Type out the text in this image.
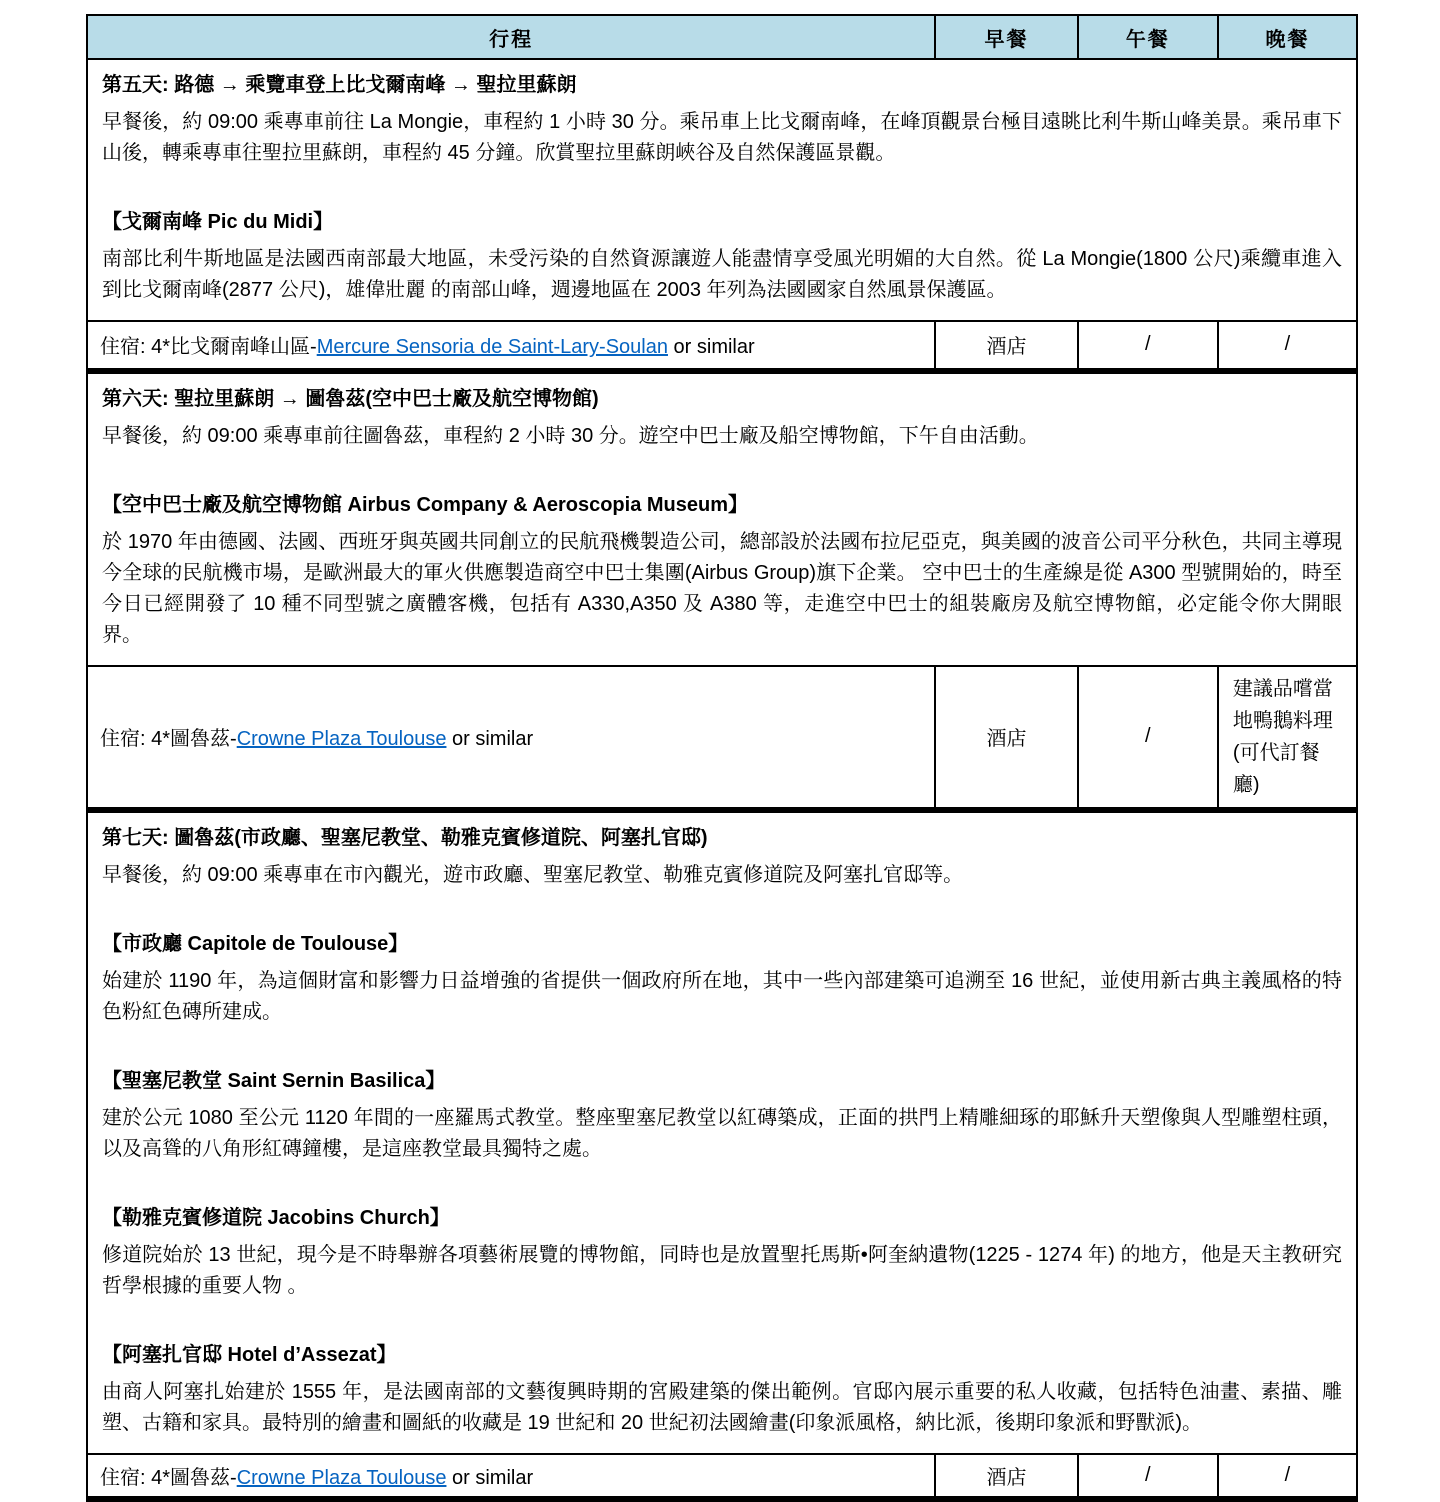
行程	早餐	午餐	晚餐

第五天: 路德 → 乘覽車登上比戈爾南峰 → 聖拉里蘇朗

早餐後，約 09:00 乘專車前往 La Mongie，車程約 1 小時 30 分。乘吊車上比戈爾南峰，在峰頂觀景台極目遠眺比利牛斯山峰美景。乘吊車下山後，轉乘專車往聖拉里蘇朗，車程約 45 分鐘。欣賞聖拉里蘇朗峽谷及自然保護區景觀。

【戈爾南峰 Pic du Midi】

南部比利牛斯地區是法國西南部最大地區，未受污染的自然資源讓遊人能盡情享受風光明媚的大自然。從 La Mongie(1800 公尺)乘纜車進入到比戈爾南峰(2877 公尺)，雄偉壯麗 的南部山峰，週邊地區在 2003 年列為法國國家自然風景保護區。			

住宿: 4*比戈爾南峰山區-Mercure Sensoria de Saint-Lary-Soulan or similar	酒店	/	/

第六天: 聖拉里蘇朗 → 圖魯茲(空中巴士廠及航空博物館)

早餐後，約 09:00 乘專車前往圖魯茲，車程約 2 小時 30 分。遊空中巴士廠及船空博物館，下午自由活動。

【空中巴士廠及航空博物館 Airbus Company & Aeroscopia Museum】

於 1970 年由德國、法國、西班牙與英國共同創立的民航飛機製造公司，總部設於法國布拉尼亞克，與美國的波音公司平分秋色，共同主導現今全球的民航機市場，是歐洲最大的軍火供應製造商空中巴士集團(Airbus Group)旗下企業。 空中巴士的生產線是從 A300 型號開始的，時至今日已經開發了 10 種不同型號之廣體客機，包括有 A330,A350 及 A380 等，走進空中巴士的組裝廠房及航空博物館，必定能令你大開眼界。			

住宿: 4*圖魯茲-Crowne Plaza Toulouse or similar	酒店	/	建議品嚐當地鴨鵝料理(可代訂餐廳)

第七天: 圖魯茲(市政廳、聖塞尼教堂、勒雅克賓修道院、阿塞扎官邸)

早餐後，約 09:00 乘專車在市內觀光，遊市政廳、聖塞尼教堂、勒雅克賓修道院及阿塞扎官邸等。

【市政廳 Capitole de Toulouse】

始建於 1190 年，為這個財富和影響力日益增強的省提供一個政府所在地，其中一些內部建築可追溯至 16 世紀，並使用新古典主義風格的特色粉紅色磚所建成。

【聖塞尼教堂 Saint Sernin Basilica】

建於公元 1080 至公元 1120 年間的一座羅馬式教堂。整座聖塞尼教堂以紅磚築成，正面的拱門上精雕細琢的耶穌升天塑像與人型雕塑柱頭，以及高聳的八角形紅磚鐘樓，是這座教堂最具獨特之處。

【勒雅克賓修道院 Jacobins Church】

修道院始於 13 世紀，現今是不時舉辦各項藝術展覽的博物館，同時也是放置聖托馬斯•阿奎納遺物(1225 - 1274 年) 的地方，他是天主教研究哲學根據的重要人物 。

【阿塞扎官邸 Hotel d’Assezat】

由商人阿塞扎始建於 1555 年，是法國南部的文藝復興時期的宮殿建築的傑出範例。官邸內展示重要的私人收藏，包括特色油畫、素描、雕塑、古籍和家具。最特別的繪畫和圖紙的收藏是 19 世紀和 20 世紀初法國繪畫(印象派風格，納比派，後期印象派和野獸派)。

住宿: 4*圖魯茲-Crowne Plaza Toulouse or similar	酒店	/	/
